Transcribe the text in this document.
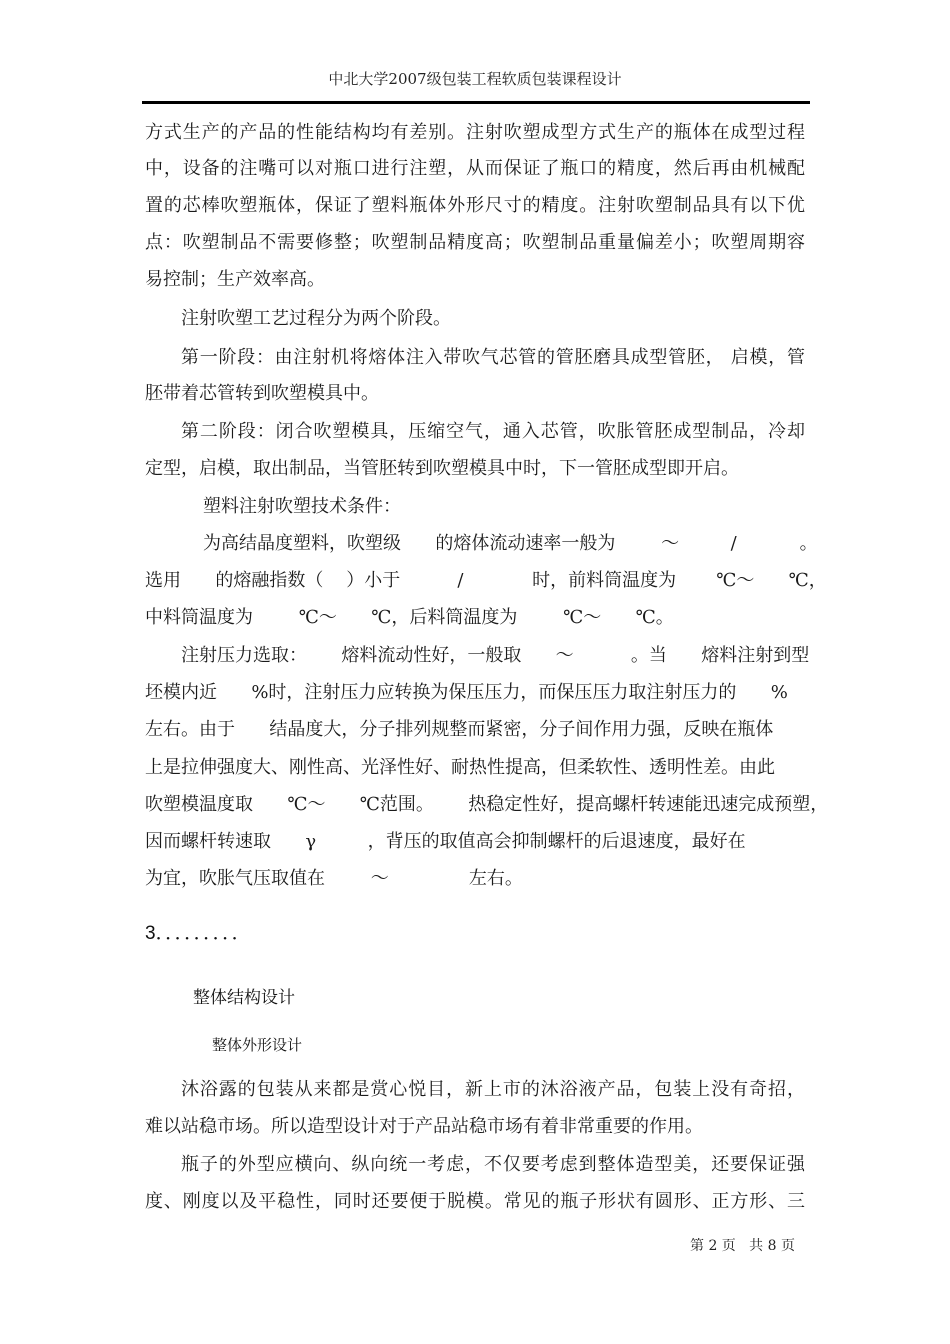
中北大学2007级包装工程软质包装课程设计
方式生产的产品的性能结构均有差别。注射吹塑成型方式生产的瓶体在成型过程
中，设备的注嘴可以对瓶口进行注塑，从而保证了瓶口的精度，然后再由机械配
置的芯棒吹塑瓶体，保证了塑料瓶体外形尺寸的精度。注射吹塑制品具有以下优
点：吹塑制品不需要修整；吹塑制品精度高；吹塑制品重量偏差小；吹塑周期容
易控制；生产效率高。
注射吹塑工艺过程分为两个阶段。
第一阶段：由注射机将熔体注入带吹气芯管的管胚磨具成型管胚， 启模，管
胚带着芯管转到吹塑模具中。
第二阶段：闭合吹塑模具，压缩空气，通入芯管，吹胀管胚成型制品，冷却
定型，启模，取出制品，当管胚转到吹塑模具中时，下一管胚成型即开启。
塑料注射吹塑技术条件：
为高结晶度塑料，吹塑级      的熔体流动速率一般为        ～         /           。
选用      的熔融指数（    ）小于          /            时，前料筒温度为       ℃～      ℃，
中料筒温度为        ℃～      ℃，后料筒温度为        ℃～      ℃。
注射压力选取：      熔料流动性好，一般取      ～          。当      熔料注射到型
坯模内近      %时，注射压力应转换为保压压力，而保压压力取注射压力的      %
左右。由于      结晶度大，分子排列规整而紧密，分子间作用力强，反映在瓶体
上是拉伸强度大、刚性高、光泽性好、耐热性提高，但柔软性、透明性差。由此
吹塑模温度取      ℃～      ℃范围。      热稳定性好，提高螺杆转速能迅速完成预塑，
因而螺杆转速取      γ         ，背压的取值高会抑制螺杆的后退速度，最好在
为宜，吹胀气压取值在        ～              左右。
沐浴露的包装从来都是赏心悦目，新上市的沐浴液产品，包装上没有奇招，
难以站稳市场。所以造型设计对于产品站稳市场有着非常重要的作用。
瓶子的外型应横向、纵向统一考虑，不仅要考虑到整体造型美，还要保证强
度、刚度以及平稳性，同时还要便于脱模。常见的瓶子形状有圆形、正方形、三
3．．．．．．．．．
整体结构设计
整体外形设计
第 2 页   共 8 页
